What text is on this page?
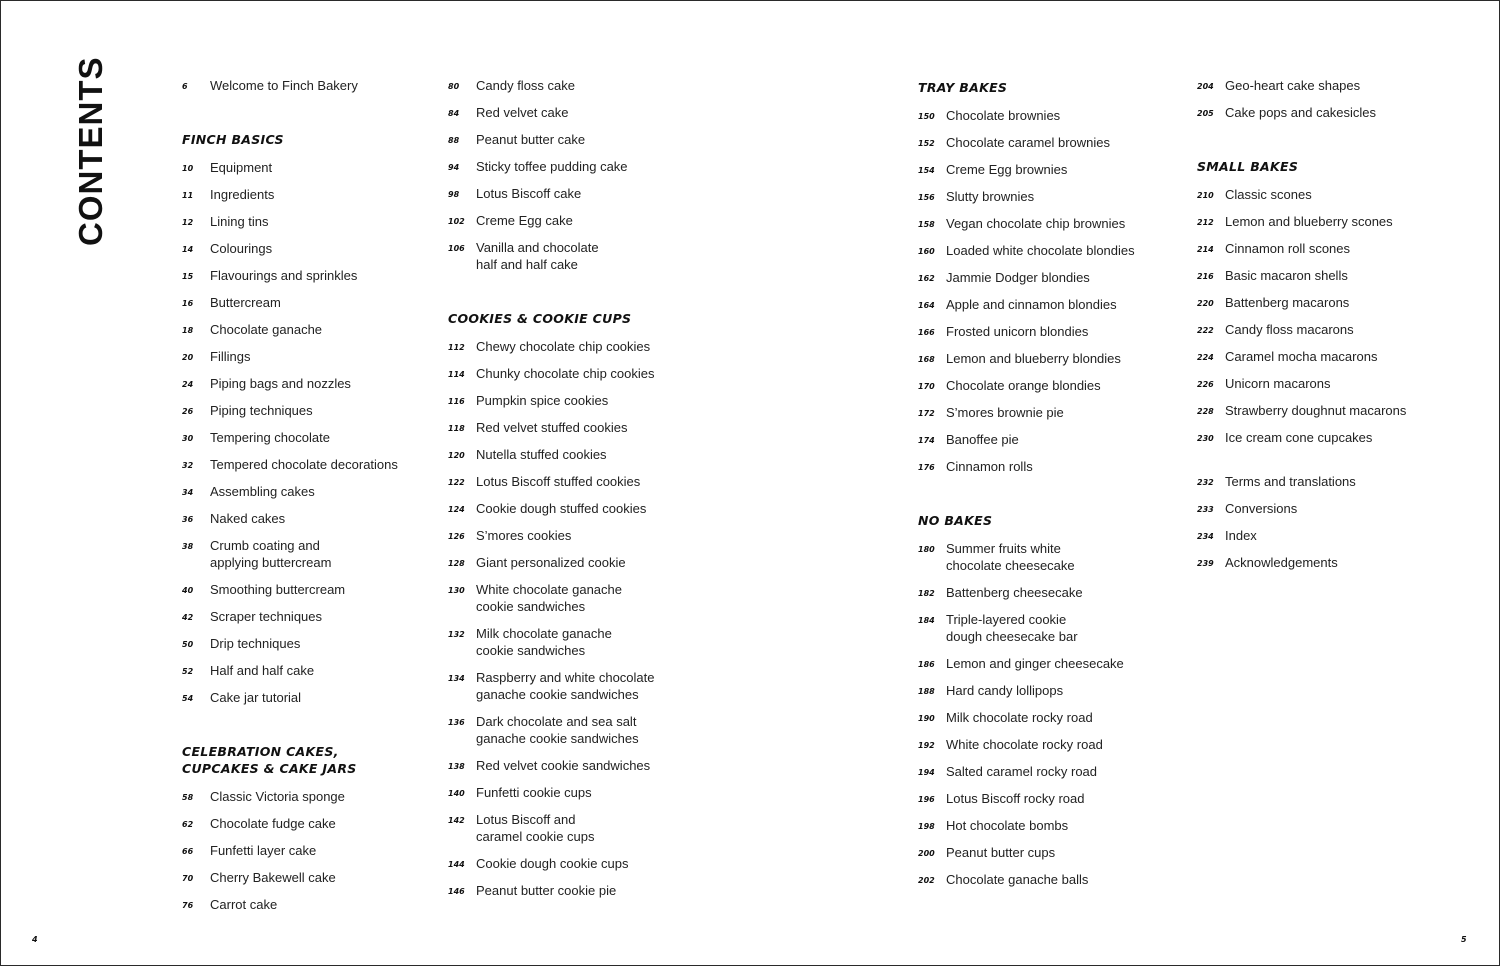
CONTENTS	6	Welcome to Finch Bakery
FINCH BASICS
10	Equipment
11	Ingredients
12	Lining tins
14	Colourings
15	Flavourings and sprinkles
16	Buttercream
18	Chocolate ganache
20	Fillings
24	Piping bags and nozzles
26	Piping techniques
30	Tempering chocolate
32	Tempered chocolate decorations
34	Assembling cakes
36	Naked cakes
38	Crumb coating and
applying buttercream
40	Smoothing buttercream
42	Scraper techniques
50	Drip techniques
52	Half and half cake
54	Cake jar tutorial
CELEBRATION CAKES,
CUPCAKES & CAKE JARS
58	Classic Victoria sponge
62	Chocolate fudge cake
66	Funfetti layer cake
70	Cherry Bakewell cake
76	Carrot cake
80	Candy floss cake
84	Red velvet cake
88	Peanut butter cake
94	Sticky toffee pudding cake
98	Lotus Biscoff cake
102 Creme Egg cake
106 Vanilla and chocolate
half and half cake
COOKIES & COOKIE CUPS
112 Chewy chocolate chip cookies
114 Chunky chocolate chip cookies
116 Pumpkin spice cookies
118 Red velvet stuffed cookies
120 Nutella stuffed cookies
122 Lotus Biscoff stuffed cookies
124 Cookie dough stuffed cookies
126 S’mores cookies
128 Giant personalized cookie
130 White chocolate ganache
cookie sandwiches
132 Milk chocolate ganache
cookie sandwiches
134 Raspberry and white chocolate
ganache cookie sandwiches
136 Dark chocolate and sea salt
ganache cookie sandwiches
138 Red velvet cookie sandwiches
140 Funfetti cookie cups
142 Lotus Biscoff and
caramel cookie cups
144 Cookie dough cookie cups
146 Peanut butter cookie pie
TRAY BAKES
150 Chocolate brownies
152 Chocolate caramel brownies
154 Creme Egg brownies
156 Slutty brownies
158 Vegan chocolate chip brownies
160 Loaded white chocolate blondies
162 Jammie Dodger blondies
164 Apple and cinnamon blondies
166 Frosted unicorn blondies
168 Lemon and blueberry blondies
170 Chocolate orange blondies
172 S’mores brownie pie
174 Banoffee pie
176 Cinnamon rolls
NO BAKES
180 Summer fruits white
chocolate cheesecake
182 Battenberg cheesecake
184 Triple-layered cookie
dough cheesecake bar
186 Lemon and ginger cheesecake
188 Hard candy lollipops
190 Milk chocolate rocky road
192 White chocolate rocky road
194 Salted caramel rocky road
196 Lotus Biscoff rocky road
198 Hot chocolate bombs
200 Peanut butter cups
202 Chocolate ganache balls
204 Geo-heart cake shapes
205 Cake pops and cakesicles
SMALL BAKES
210 Classic scones
212 Lemon and blueberry scones
214 Cinnamon roll scones
216 Basic macaron shells
220 Battenberg macarons
222 Candy floss macarons
224 Caramel mocha macarons
226 Unicorn macarons
228 Strawberry doughnut macarons
230 Ice cream cone cupcakes
232 Terms and translations
233 Conversions
234 Index
239 Acknowledgements
4	5
